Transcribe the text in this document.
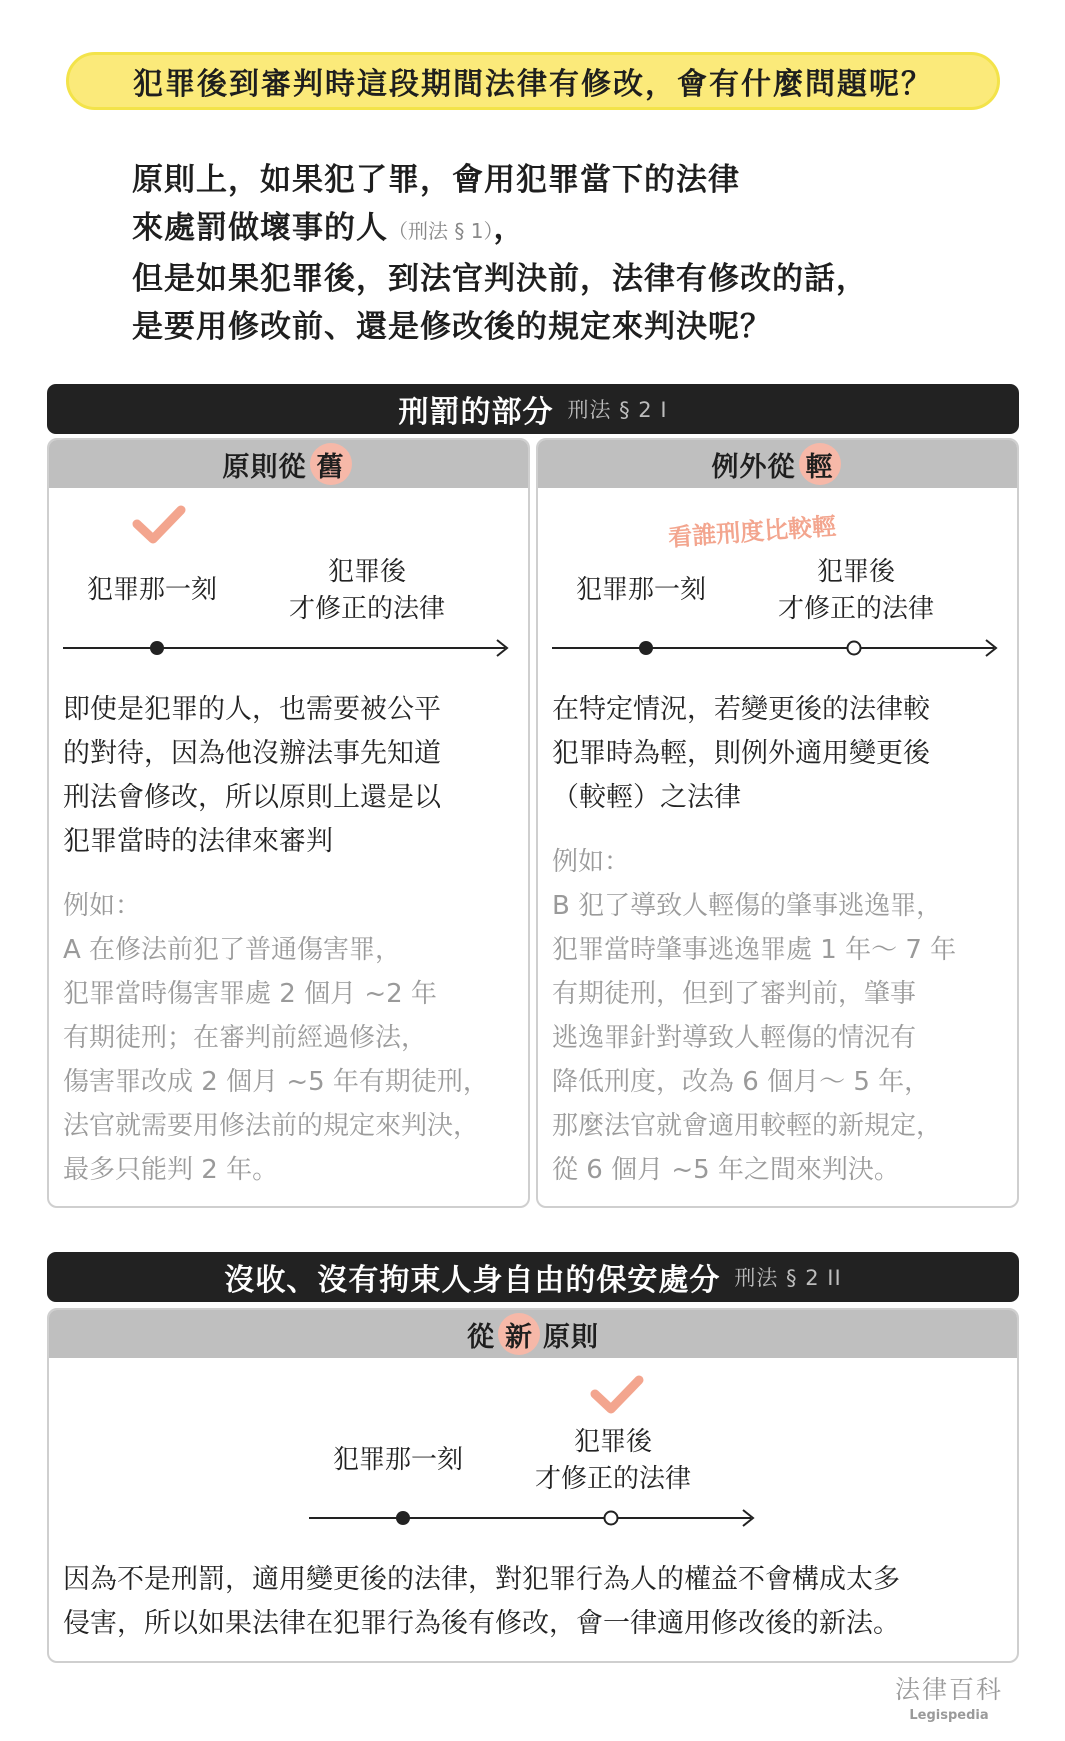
犯罪後到審判時這段期間法律有修改，會有什麼問題呢？
原則上，如果犯了罪，會用犯罪當下的法律
來處罰做壞事的人（刑法 § 1），
但是如果犯罪後，到法官判決前，法律有修改的話，
是要用修改前、還是修改後的規定來判決呢？
刑罰的部分 刑法 § 2 I
原則從 舊
犯罪那一刻
犯罪後
才修正的法律
即使是犯罪的人，也需要被公平
的對待，因為他沒辦法事先知道
刑法會修改，所以原則上還是以
犯罪當時的法律來審判
例如：
A 在修法前犯了普通傷害罪，
犯罪當時傷害罪處 2 個月 ~2 年
有期徒刑；在審判前經過修法，
傷害罪改成 2 個月 ~5 年有期徒刑，
法官就需要用修法前的規定來判決，
最多只能判 2 年。
例外從 輕
看誰刑度比較輕
犯罪那一刻
犯罪後
才修正的法律
在特定情況，若變更後的法律較
犯罪時為輕，則例外適用變更後
（較輕）之法律
例如：
B 犯了導致人輕傷的肇事逃逸罪，
犯罪當時肇事逃逸罪處 1 年～ 7 年
有期徒刑，但到了審判前，肇事
逃逸罪針對導致人輕傷的情況有
降低刑度，改為 6 個月～ 5 年，
那麼法官就會適用較輕的新規定，
從 6 個月 ~5 年之間來判決。
沒收、沒有拘束人身自由的保安處分 刑法 § 2 II
從 新 原則
犯罪那一刻
犯罪後
才修正的法律
因為不是刑罰，適用變更後的法律，對犯罪行為人的權益不會構成太多
侵害，所以如果法律在犯罪行為後有修改，會一律適用修改後的新法。
法律百科
Legispedia
